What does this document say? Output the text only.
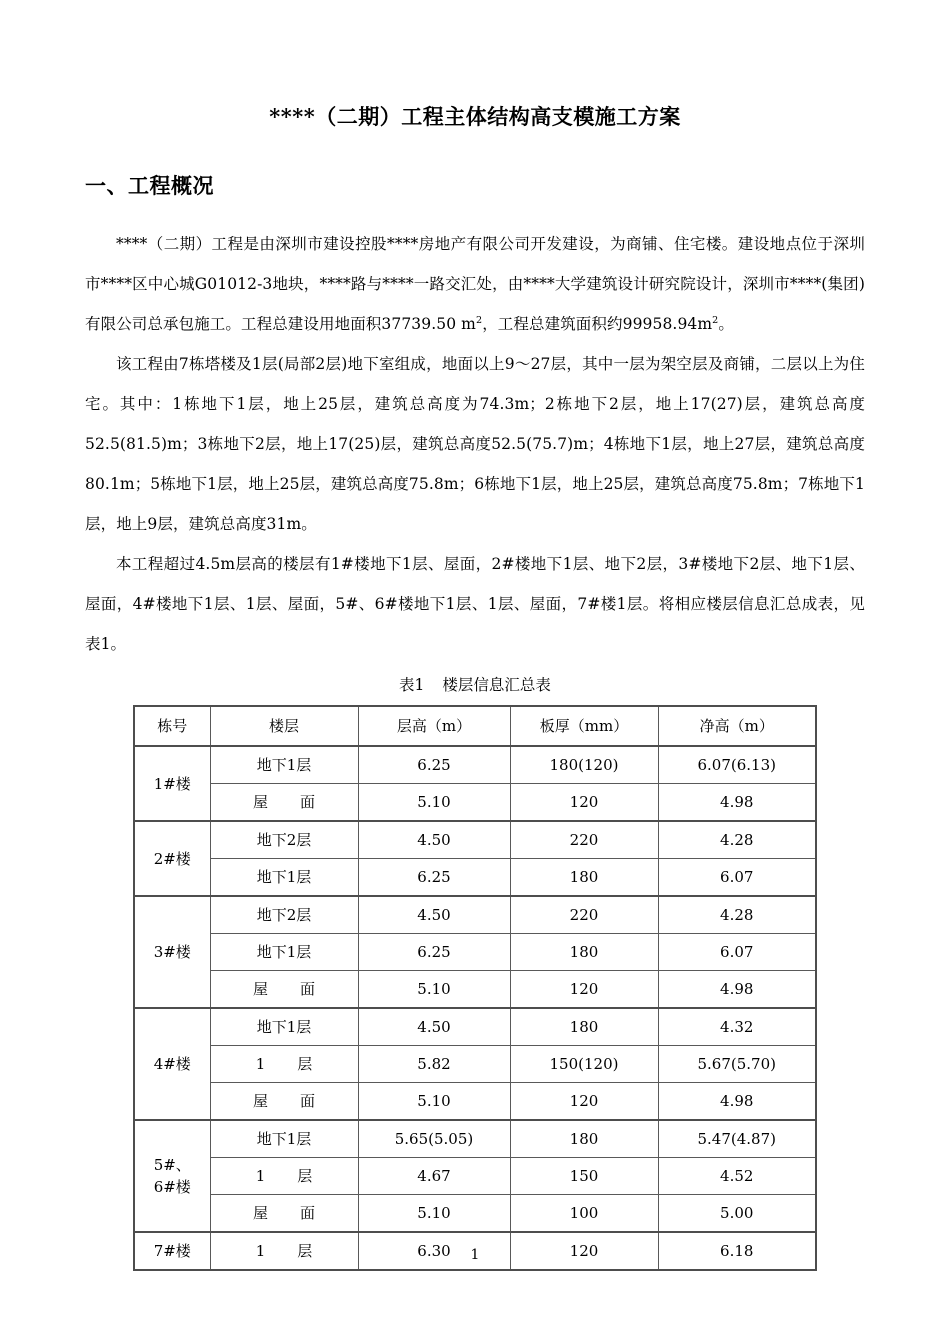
****（二期）工程主体结构高支模施工方案
一、工程概况

****（二期）工程是由深圳市建设控股****房地产有限公司开发建设，为商铺、住宅楼。建设地点位于深圳市****区中心城G01012-3地块，****路与****一路交汇处，由****大学建筑设计研究院设计，深圳市****(集团)有限公司总承包施工。工程总建设用地面积37739.50 $m^2$，工程总建筑面积约$99958.94m^2$。

该工程由7栋塔楼及1层(局部2层)地下室组成，地面以上9～27层，其中一层为架空层及商铺，二层以上为住宅。其中：1栋地下1层，地上25层，建筑总高度为74.3m；2栋地下2层，地上17(27)层，建筑总高度52.5(81.5)m；3栋地下2层，地上17(25)层，建筑总高度52.5(75.7)m；4栋地下1层，地上27层，建筑总高度80.1m；5栋地下1层，地上25层，建筑总高度75.8m；6栋地下1层，地上25层，建筑总高度75.8m；7栋地下1层，地上9层，建筑总高度31m。

本工程超过4.5m层高的楼层有1#楼地下1层、屋面，2#楼地下1层、地下2层，3#楼地下2层、地下1层、屋面，4#楼地下1层、1层、屋面，5#、6#楼地下1层、1层、屋面，7#楼1层。将相应楼层信息汇总成表，见表1。

表1 楼层信息汇总表

栋号	楼层	层高（m）	板厚（mm）	净高（m）
1#楼	地下1层	6.25	180(120)	6.07(6.13)
	屋 面	5.10	120	4.98
2#楼	地下2层	4.50	220	4.28
	地下1层	6.25	180	6.07
3#楼	地下2层	4.50	220	4.28
	地下1层	6.25	180	6.07
	屋 面	5.10	120	4.98
4#楼	地下1层	4.50	180	4.32
	1 层	5.82	150(120)	5.67(5.70)
	屋 面	5.10	120	4.98
5#、
6#楼	地下1层	5.65(5.05)	180	5.47(4.87)
	1 层	4.67	150	4.52
	屋 面	5.10	100	5.00
7#楼	1 层	6.30	120	6.18
1
